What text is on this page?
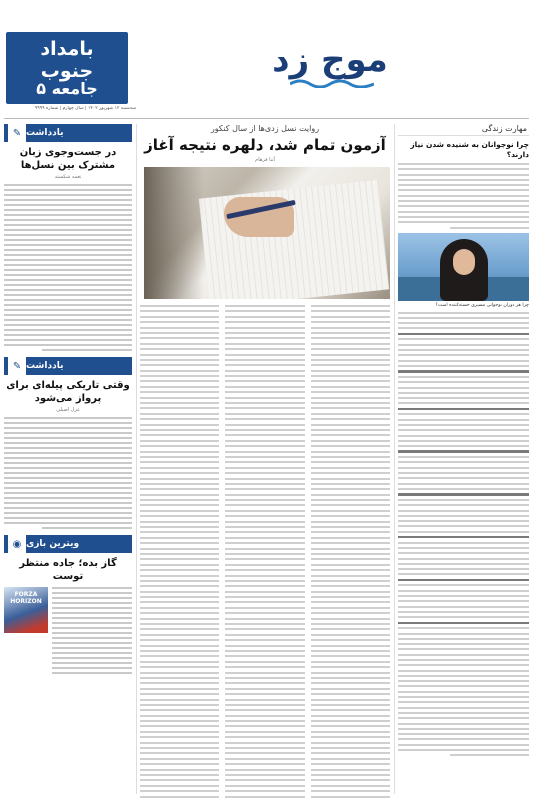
بامداد جنوب
جامعه ۵
سه‌شنبه ۱۲ شهریور ۱۴۰۲ | سال چهارم | شماره ۹۹۹۹
موج زد
یادداشت
✎
در جست‌وجوی زبان مشترک بین نسل‌ها
نغمه شکسته
یادداشت
✎
وقتی تاریکی پیله‌ای برای پرواز می‌شود
غزل اصیلی
ویترین بازی
◉
گاز بده؛ جاده منتظر توست
FORZA HORIZON
روایت نسل زدی‌ها از سال کنکور
آزمون تمام شد، دلهره نتیجه آغاز
آتنا فرهام
مهارت زندگی
چرا نوجوانان به شنیده شدن نیاز دارند؟
چرا هر دوران نوجوانی مسیری خسته‌کننده است؟
